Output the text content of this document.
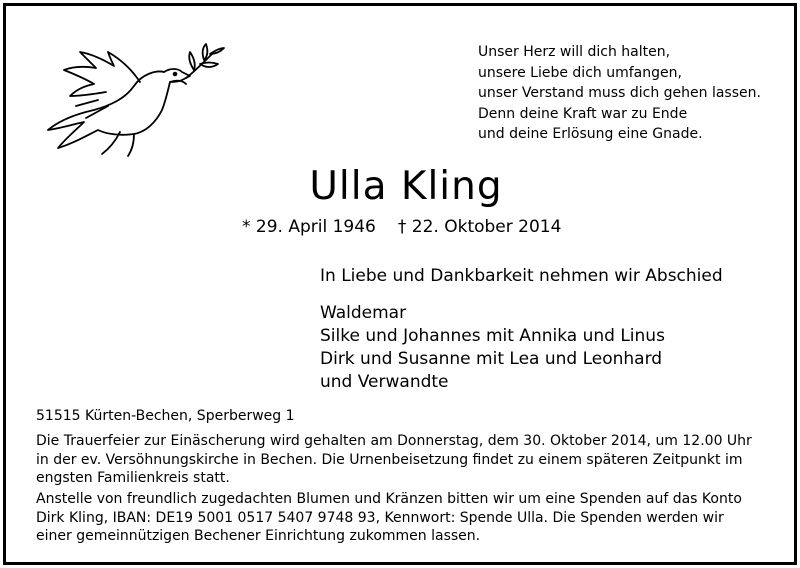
Unser Herz will dich halten,
unsere Liebe dich umfangen,
unser Verstand muss dich gehen lassen.
Denn deine Kraft war zu Ende
und deine Erlösung eine Gnade.
Ulla Kling
* 29. April 1946 † 22. Oktober 2014
In Liebe und Dankbarkeit nehmen wir Abschied
Waldemar
Silke und Johannes mit Annika und Linus
Dirk und Susanne mit Lea und Leonhard
und Verwandte
51515 Kürten-Bechen, Sperberweg 1
Die Trauerfeier zur Einäscherung wird gehalten am Donnerstag, dem 30. Oktober 2014, um 12.00 Uhr
in der ev. Versöhnungskirche in Bechen. Die Urnenbeisetzung findet zu einem späteren Zeitpunkt im
engsten Familienkreis statt.
Anstelle von freundlich zugedachten Blumen und Kränzen bitten wir um eine Spenden auf das Konto
Dirk Kling, IBAN: DE19 5001 0517 5407 9748 93, Kennwort: Spende Ulla. Die Spenden werden wir
einer gemeinnützigen Bechener Einrichtung zukommen lassen.
